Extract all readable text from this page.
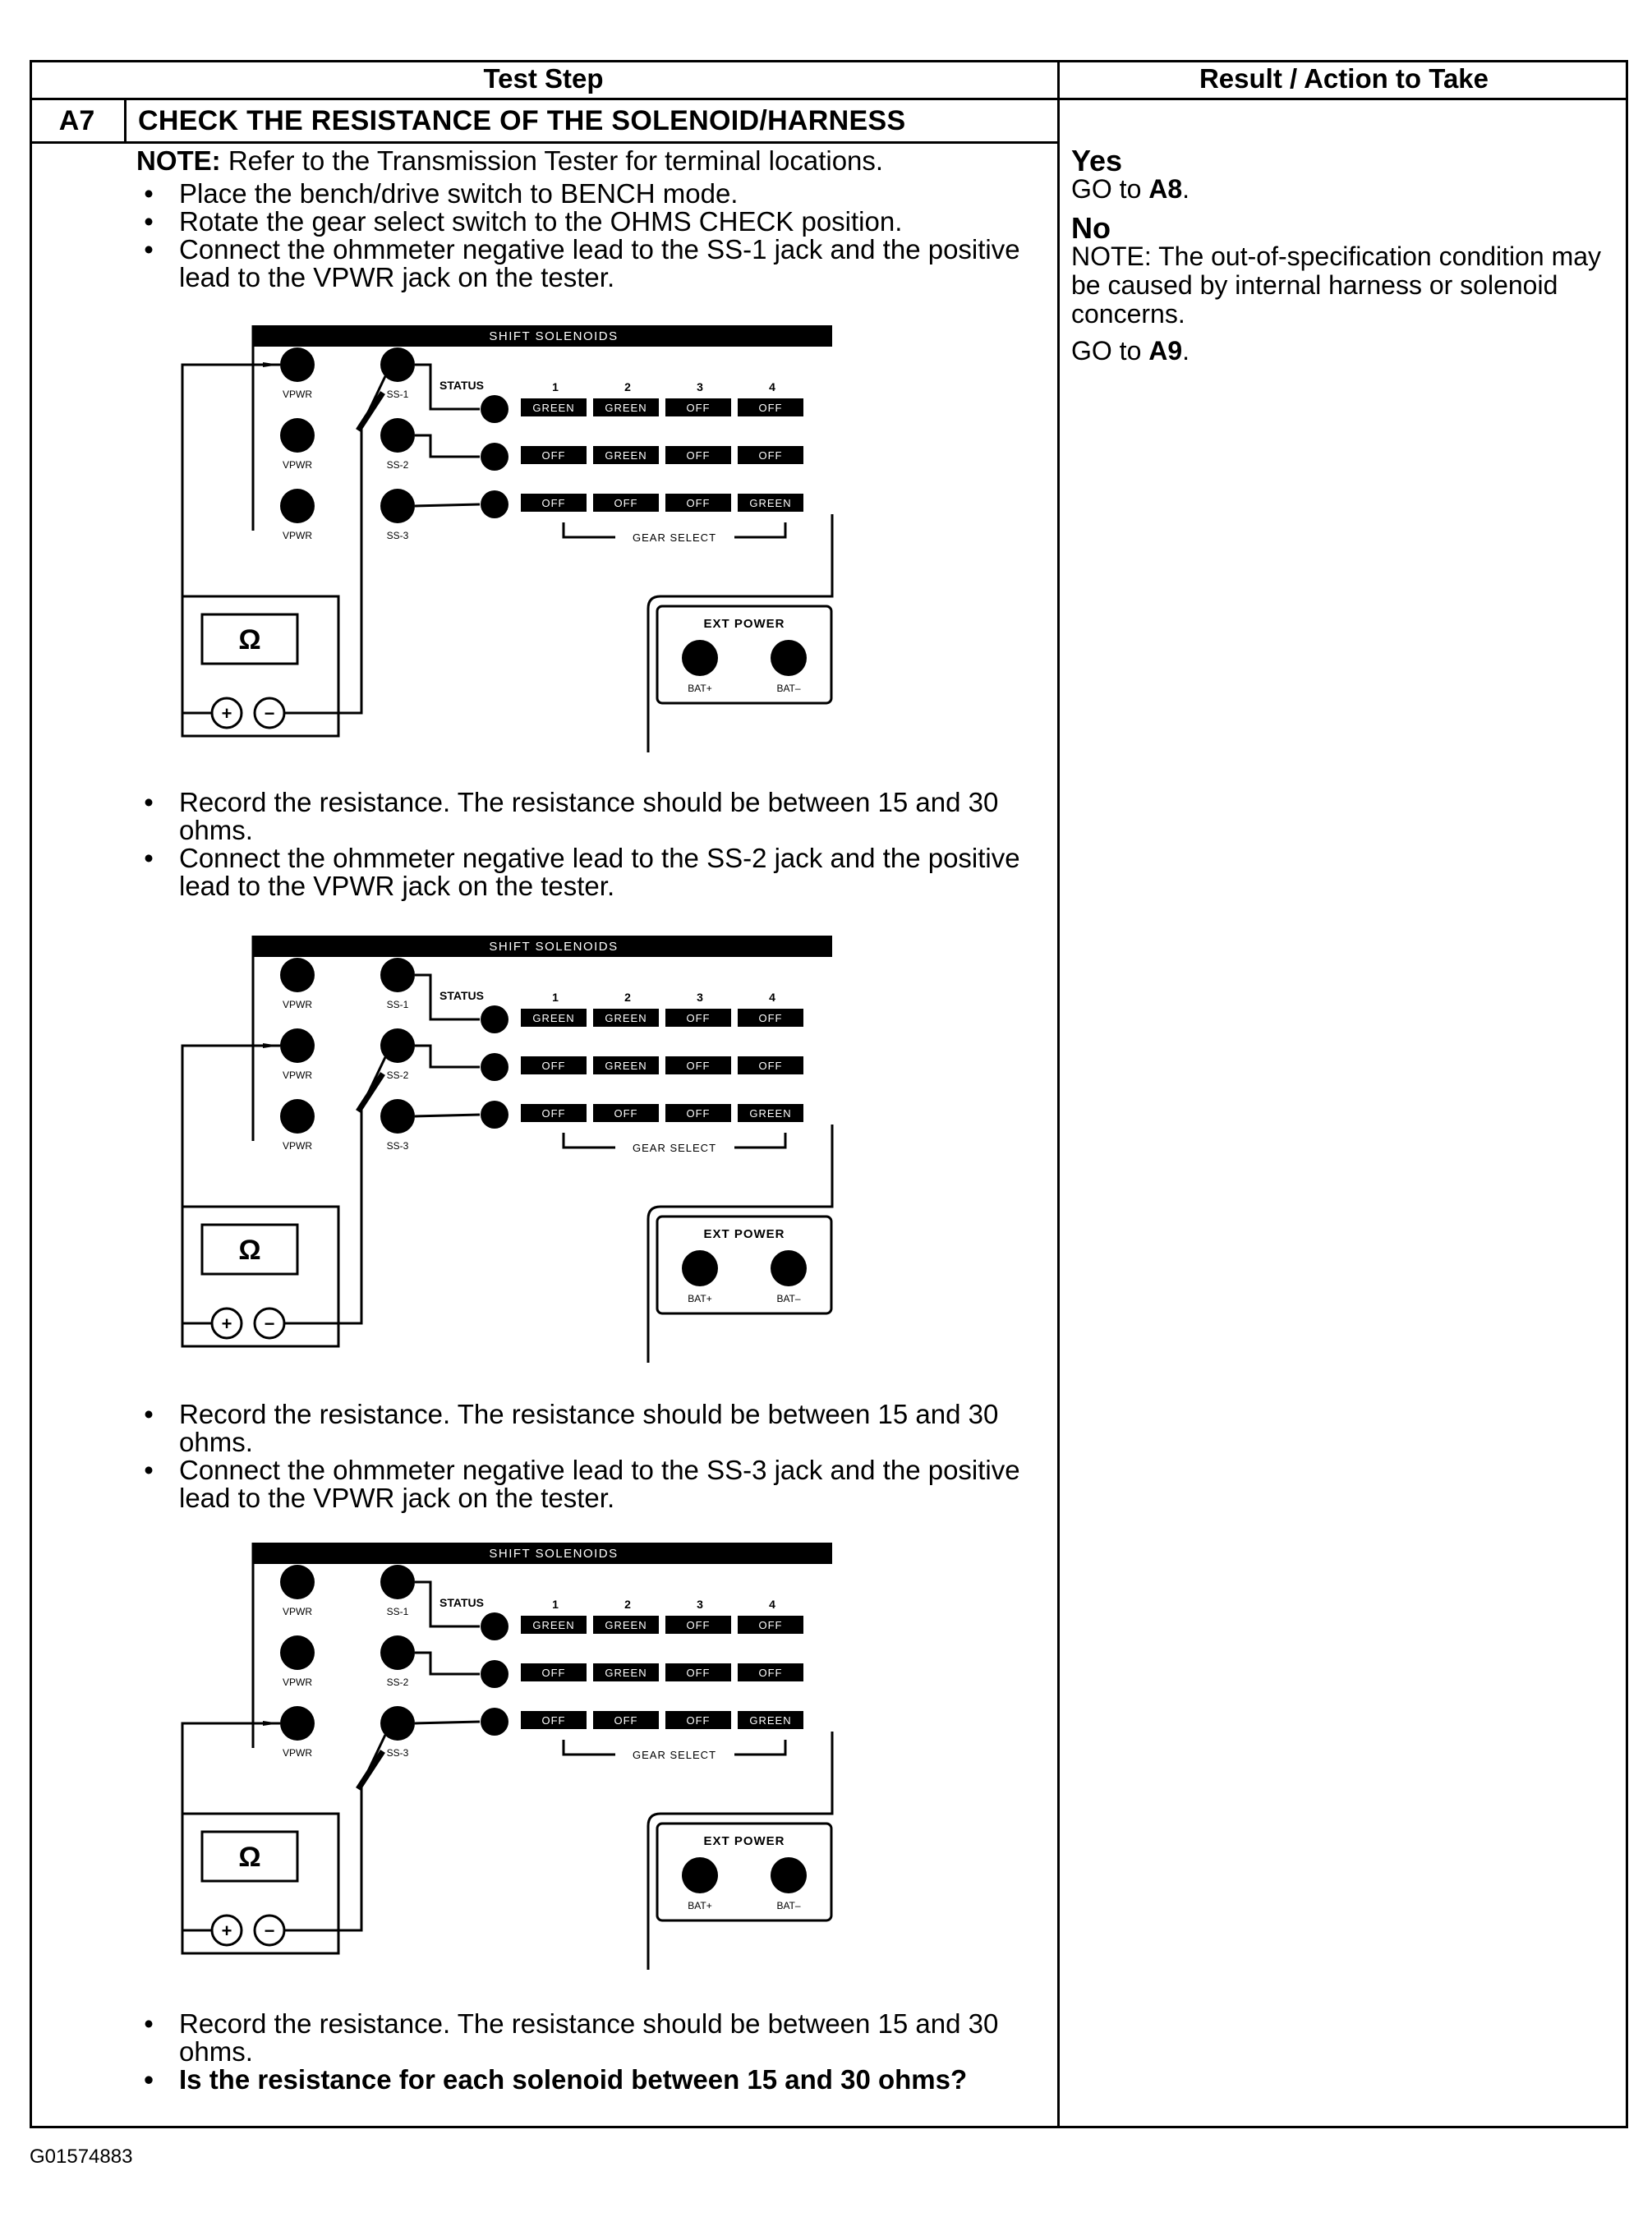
Test Step	Result / Action to Take
A7	CHECK THE RESISTANCE OF THE SOLENOID/HARNESS
NOTE: Refer to the Transmission Tester for terminal locations.

• Place the bench/drive switch to BENCH mode.

• Rotate the gear select switch to the OHMS CHECK position.

• Connect the ohmmeter negative lead to the SS-1 jack and the positive lead to the VPWR jack on the tester.

SHIFT SOLENOIDS
VPWR	SS-1
VPWR	SS-2
VPWR	SS-3
STATUS	1	2	3	4
GREEN	GREEN	OFF	OFF
OFF	GREEN	OFF	OFF
OFF	OFF	OFF	GREEN
GEAR SELECT
EXT POWER
BAT+	BAT–
Ω
+ −

• Record the resistance. The resistance should be between 15 and 30 ohms.

• Connect the ohmmeter negative lead to the SS-2 jack and the positive lead to the VPWR jack on the tester.

SHIFT SOLENOIDS
VPWR	SS-1
VPWR	SS-2
VPWR	SS-3
STATUS	1	2	3	4
GREEN	GREEN	OFF	OFF
OFF	GREEN	OFF	OFF
OFF	OFF	OFF	GREEN
GEAR SELECT
EXT POWER
BAT+	BAT–
Ω
+ −

• Record the resistance. The resistance should be between 15 and 30 ohms.

• Connect the ohmmeter negative lead to the SS-3 jack and the positive lead to the VPWR jack on the tester.

SHIFT SOLENOIDS
VPWR	SS-1
VPWR	SS-2
VPWR	SS-3
STATUS	1	2	3	4
GREEN	GREEN	OFF	OFF
OFF	GREEN	OFF	OFF
OFF	OFF	OFF	GREEN
GEAR SELECT
EXT POWER
BAT+	BAT–
Ω
+ −

• Record the resistance. The resistance should be between 15 and 30 ohms.

• Is the resistance for each solenoid between 15 and 30 ohms?

Yes
GO to A8.
No
NOTE: The out-of-specification condition may be caused by internal harness or solenoid concerns.
GO to A9.
G01574883
